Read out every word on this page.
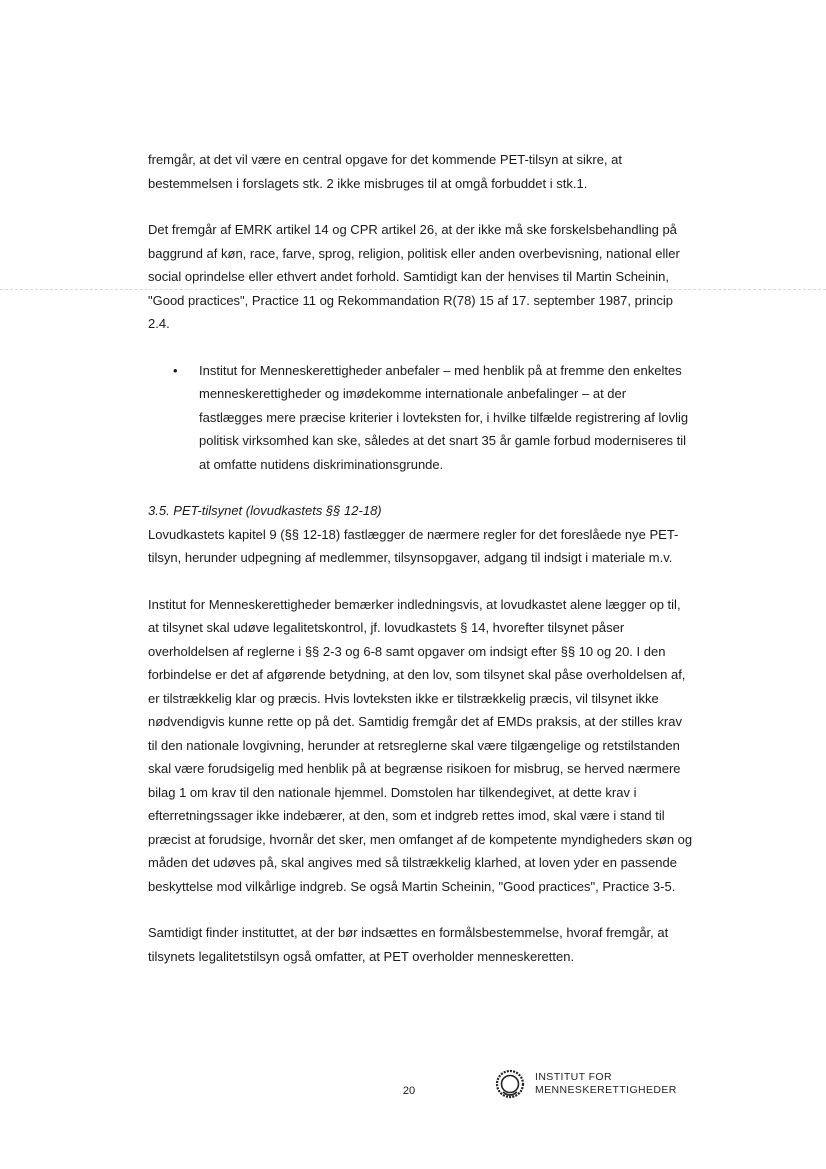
fremgår, at det vil være en central opgave for det kommende PET-tilsyn at sikre, at bestemmelsen i forslagets stk. 2 ikke misbruges til at omgå forbuddet i stk.1.

Det fremgår af EMRK artikel 14 og CPR artikel 26, at der ikke må ske forskelsbehandling på baggrund af køn, race, farve, sprog, religion, politisk eller anden overbevisning, national eller social oprindelse eller ethvert andet forhold. Samtidigt kan der henvises til Martin Scheinin, "Good practices", Practice 11 og Rekommandation R(78) 15 af 17. september 1987, princip 2.4.

• Institut for Menneskerettigheder anbefaler – med henblik på at fremme den enkeltes menneskerettigheder og imødekomme internationale anbefalinger – at der fastlægges mere præcise kriterier i lovteksten for, i hvilke tilfælde registrering af lovlig politisk virksomhed kan ske, således at det snart 35 år gamle forbud moderniseres til at omfatte nutidens diskriminationsgrunde.

3.5. PET-tilsynet (lovudkastets §§ 12-18)

Lovudkastets kapitel 9 (§§ 12-18) fastlægger de nærmere regler for det foreslåede nye PET-tilsyn, herunder udpegning af medlemmer, tilsynsopgaver, adgang til indsigt i materiale m.v.

Institut for Menneskerettigheder bemærker indledningsvis, at lovudkastet alene lægger op til, at tilsynet skal udøve legalitetskontrol, jf. lovudkastets § 14, hvorefter tilsynet påser overholdelsen af reglerne i §§ 2-3 og 6-8 samt opgaver om indsigt efter §§ 10 og 20. I den forbindelse er det af afgørende betydning, at den lov, som tilsynet skal påse overholdelsen af, er tilstrækkelig klar og præcis. Hvis lovteksten ikke er tilstrækkelig præcis, vil tilsynet ikke nødvendigvis kunne rette op på det. Samtidig fremgår det af EMDs praksis, at der stilles krav til den nationale lovgivning, herunder at retsreglerne skal være tilgængelige og retstilstanden skal være forudsigelig med henblik på at begrænse risikoen for misbrug, se herved nærmere bilag 1 om krav til den nationale hjemmel. Domstolen har tilkendegivet, at dette krav i efterretningssager ikke indebærer, at den, som et indgreb rettes imod, skal være i stand til præcist at forudsige, hvornår det sker, men omfanget af de kompetente myndigheders skøn og måden det udøves på, skal angives med så tilstrækkelig klarhed, at loven yder en passende beskyttelse mod vilkårlige indgreb. Se også Martin Scheinin, "Good practices", Practice 3-5.

Samtidigt finder instituttet, at der bør indsættes en formålsbestemmelse, hvoraf fremgår, at tilsynets legalitetstilsyn også omfatter, at PET overholder menneskeretten.

20
INSTITUT FOR
MENNESKERETTIGHEDER
